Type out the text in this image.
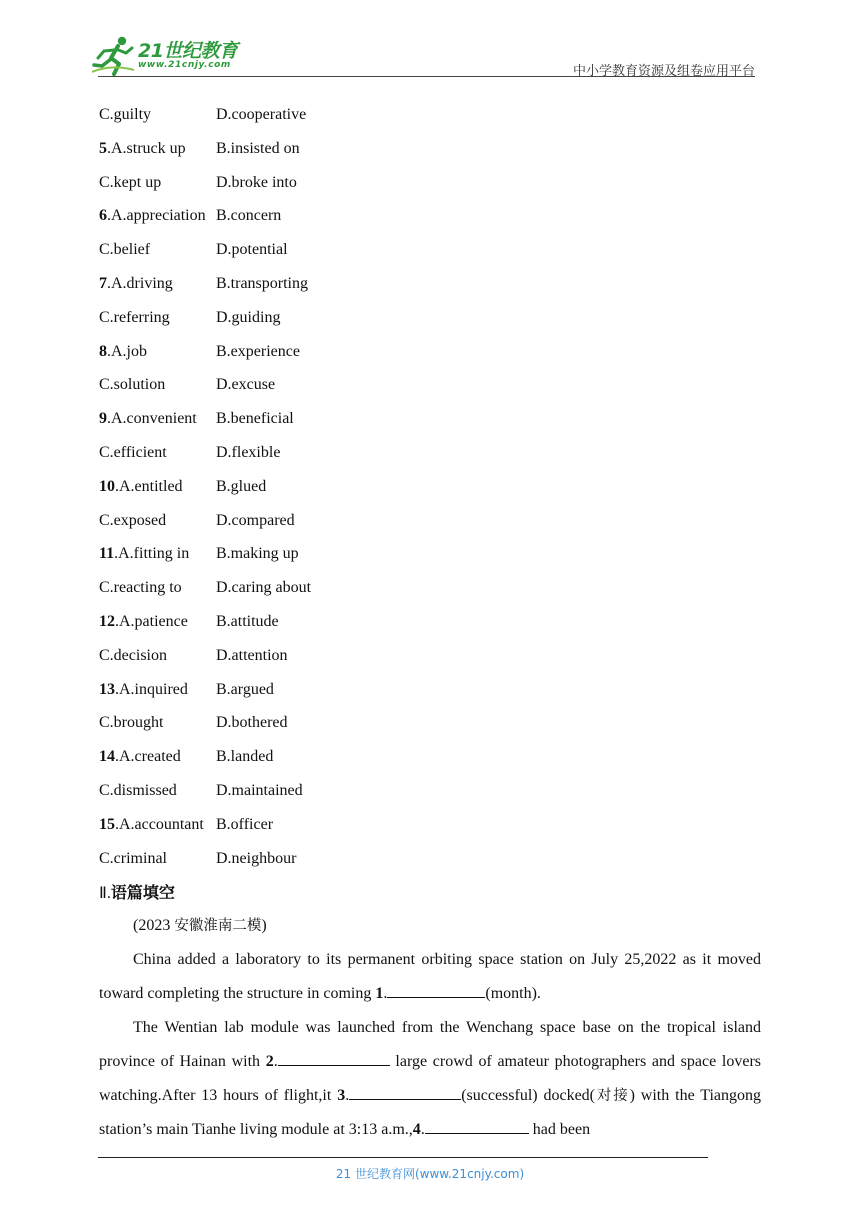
21世纪教育
www.21cnjy.com	中小学教育资源及组卷应用平台
C.guilty	D.cooperative
5.A.struck up B.insisted on
C.kept up	D.broke into
6.A.appreciation B.concern
C.belief	D.potential
7.A.driving	B.transporting
C.referring	D.guiding
8.A.job	B.experience
C.solution	D.excuse
9.A.convenient B.beneficial
C.efficient	D.flexible
10.A.entitled B.glued
C.exposed	D.compared
11.A.fitting in B.making up
C.reacting to D.caring about
12.A.patience B.attitude
C.decision	D.attention
13.A.inquired B.argued
C.brought	D.bothered
14.A.created B.landed
C.dismissed D.maintained
15.A.accountant B.officer
C.criminal	D.neighbour
Ⅱ.语篇填空
(2023 安徽淮南二模)
China added a laboratory to its permanent orbiting space station on July 25,2022 as it moved toward completing the structure in coming 1.	(month).
The Wentian lab module was launched from the Wenchang space base on the tropical island province of Hainan with 2.	large crowd of amateur photographers and space lovers watching.After 13 hours of flight,it 3.	(successful) docked(对接) with the Tiangong station’s main Tianhe living module at 3:13 a.m.,4.	had been
21 世纪教育网(www.21cnjy.com)
